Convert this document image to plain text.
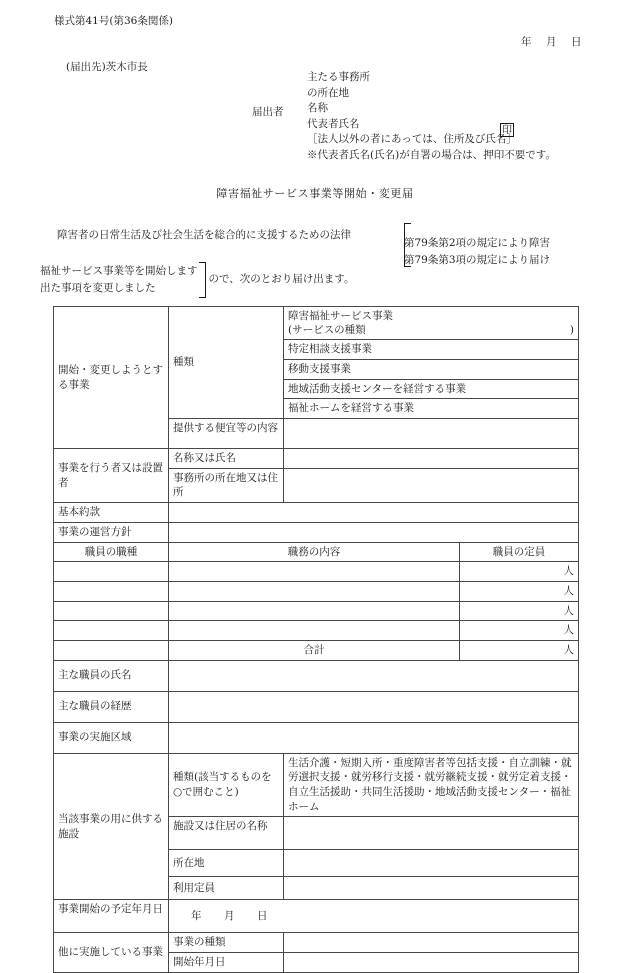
様式第41号(第36条関係)
年 月 日
(届出先)茨木市長
届出者
主たる事務所
の所在地
名称
代表者氏名
［法人以外の者にあっては、住所及び氏名］
※代表者氏名(氏名)が自署の場合は、押印不要です。
印
障害福祉サービス事業等開始・変更届
障害者の日常生活及び社会生活を総合的に支援するための法律
第79条第2項の規定により障害
第79条第3項の規定により届け
福祉サービス事業等を開始します
出た事項を変更しました
ので、次のとおり届け出ます。
開始・変更しようとする事業	種類	障害福祉サービス事業
(サービスの種類 )	

		特定相談支援事業	
		移動支援事業	
		地域活動支援センターを経営する事業	
		福祉ホームを経営する事業	
	提供する便宜等の内容		
事業を行う者又は設置者	名称又は氏名		
	事務所の所在地又は住所		
基本約款			
事業の運営方針			
職員の職種	職務の内容		職員の定員
			人
			人
			人
			人
	合計		人
主な職員の氏名			
主な職員の経歴			
事業の実施区域			
当該事業の用に供する施設	種類(該当するものを○で囲むこと)	生活介護・短期入所・重度障害者等包括支援・自立訓練・就労選択支援・就労移行支援・就労継続支援・就労定着支援・自立生活援助・共同生活援助・地域活動支援センター・福祉ホーム	
	施設又は住居の名称		
	所在地		
	利用定員		
事業開始の予定年月日	年 月 日		
他に実施している事業	事業の種類		
	開始年月日		
